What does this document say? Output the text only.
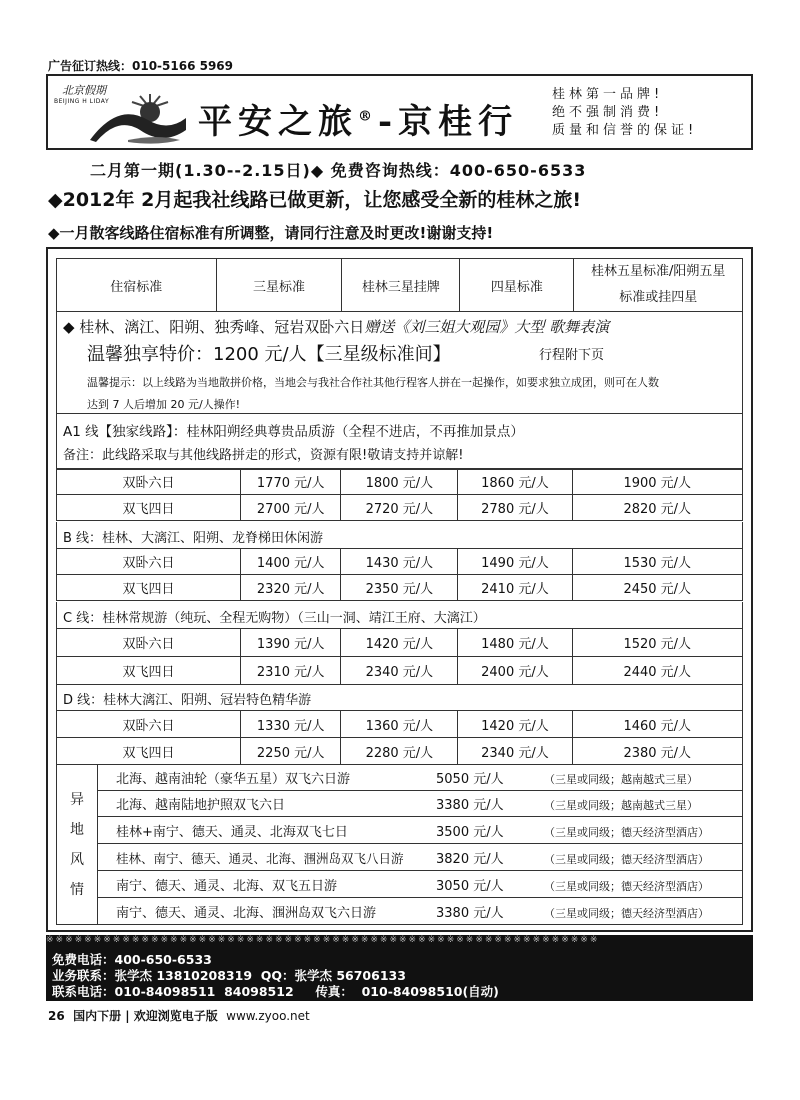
广告征订热线：010-5166 5969
北京假期
BEIJING H LIDAY
平安之旅®-京桂行
桂林第一品牌!
绝不强制消费!
质量和信誉的保证!
二月第一期(1.30--2.15日)◆ 免费咨询热线：400-650-6533
◆2012年 2月起我社线路已做更新，让您感受全新的桂林之旅!
◆一月散客线路住宿标准有所调整，请同行注意及时更改!谢谢支持!
住宿标准	三星标准	桂林三星挂牌	四星标准	
桂林五星标准/阳朔五星
标准或挂四星
◆ 桂林、漓江、阳朔、独秀峰、冠岩双卧六日赠送《刘三姐大观园》大型 歌舞表演
温馨独享特价：1200 元/人【三星级标准间】	行程附下页
温馨提示：以上线路为当地散拼价格，当地会与我社合作社其他行程客人拼在一起操作，如要求独立成团，则可在人数
达到 7 人后增加 20 元/人操作!
A1 线【独家线路】：桂林阳朔经典尊贵品质游（全程不进店，不再推加景点）
备注：此线路采取与其他线路拼走的形式，资源有限!敬请支持并谅解!
双卧六日	1770 元/人	1800 元/人	1860 元/人	1900 元/人
双飞四日	2700 元/人	2720 元/人	2780 元/人	2820 元/人
B 线：桂林、大漓江、阳朔、龙脊梯田休闲游
双卧六日	1400 元/人	1430 元/人	1490 元/人	1530 元/人
双飞四日	2320 元/人	2350 元/人	2410 元/人	2450 元/人
C 线：桂林常规游（纯玩、全程无购物）（三山一洞、靖江王府、大漓江）
双卧六日	1390 元/人	1420 元/人	1480 元/人	1520 元/人
双飞四日	2310 元/人	2340 元/人	2400 元/人	2440 元/人
D 线：桂林大漓江、阳朔、冠岩特色精华游
双卧六日	1330 元/人	1360 元/人	1420 元/人	1460 元/人
双飞四日	2250 元/人	2280 元/人	2340 元/人	2380 元/人
异
地
风
情
	北海、越南油轮（豪华五星）双飞六日游	5050 元/人	（三星或同级；越南越式三星）
北海、越南陆地护照双飞六日	3380 元/人	（三星或同级；越南越式三星）
桂林+南宁、德天、通灵、北海双飞七日	3500 元/人	（三星或同级；德天经济型酒店）
桂林、南宁、德天、通灵、北海、涠洲岛双飞八日游 3820 元/人	（三星或同级；德天经济型酒店）
南宁、德天、通灵、北海、双飞五日游	3050 元/人	（三星或同级；德天经济型酒店）
南宁、德天、通灵、北海、涠洲岛双飞六日游	3380 元/人	（三星或同级；德天经济型酒店）
※※※※※※※※※※※※※※※※※※※※※※※※※※※※※※※※※※※※※※※※※※※※※※※※※※※※※※※※※※
免费电话：400-650-6533
业务联系：张学杰 13810208319  QQ：张学杰 56706133
联系电话：010-84098511  84098512     传真：  010-84098510(自动)
26 国内下册 | 欢迎浏览电子版 www.zyoo.net
